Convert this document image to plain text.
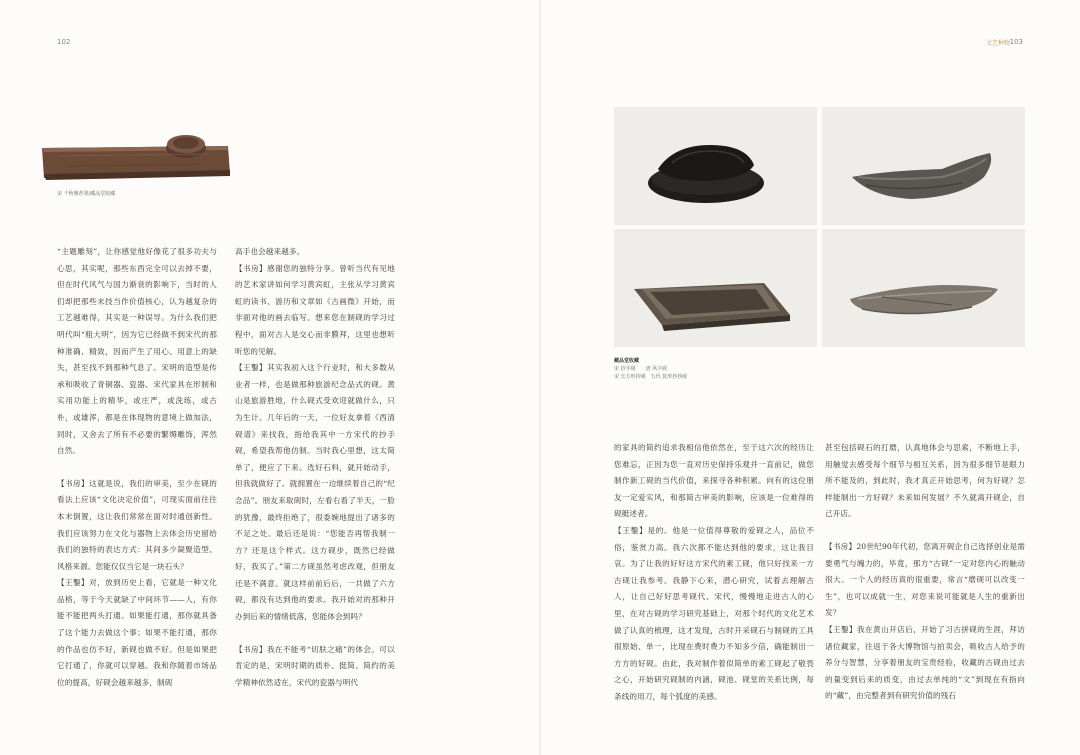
102	文艺种物 103
宋 千秋雅荐墨/藏品堂收藏
藏品堂收藏
宋 抄手砚　　唐 风字砚
宋 长方形抄砚　五代 箕形抄抄砚

“主题雕刻”，让你感觉他好像花了很多功夫与心思，其实呢，那些东西完全可以去掉不要，但在时代风气与国力渐衰的影响下，当时的人们却把那些末技当作价值核心，认为越复杂的工艺越难得，其实是一种误导。为什么我们把明代叫“粗大明”，因为它已经做不到宋代的那种准确、精致，因而产生了用心、用意上的缺失，甚至找不到那种气息了。宋明的造型是传承和吸收了青铜器、瓷器、宋代家具在形制和实用功能上的精华，或庄严，或洗练，或古朴，或雄浑，都是在体现物的意境上做加法，同时，又舍去了所有不必要的繁缛雕饰，浑然自然。

【书房】这就是说，我们的审美，至少在砚的看法上应该“文化决定价值”，可现实面前往往本末倒置，这让我们常常在面对时通创新性。我们应该努力在文化与器物上去体会历史留给我们的独特的表达方式：其间多少凝聚造型、风格来源。您能仅仅当它是一块石头？

【王鑿】对，放到历史上看，它就是一种文化品格，等于今天就缺了中间环节——人，有你能不能把两头打通。如果能打通，那你就具备了这个能力去做这个事；如果不能打通，那你的作品也仿不好，新砚也做不好。但是如果把它打通了，你就可以穿越。我和你随着市场品位的提高，好砚会越来越多，制砚

高手也会越来越多。

【书房】感谢您的独特分享。曾听当代有见地的艺术家讲如何学习黄宾虹，主张从学习黄宾虹的读书、游历和文章如《古画微》开始，而非面对他的画去临写。想来您在制砚的学习过程中，面对古人是交心而非膜拜，这里也想听听您的见解。

【王鑿】其实我初入这个行业时，和大多数从业者一样，也是做那种旅游纪念品式的砚。黄山是旅游胜地，什么砚式受欢迎就做什么，只为生计。几年后的一天，一位好友拿着《西清砚谱》来找我，指给我其中一方宋代的抄手砚，希望我帮他仿制。当时我心里想，这太简单了，便应了下来。选好石料，就开始动手，但我就做好了。就拥置在一边继续着自己的“纪念品”。朋友来取砚时，左看右看了半天，一脸的犹豫，最终拒绝了，很委婉地提出了诸多的不足之处。最后还是说：“您能否再帮我制一方？还是这个样式。这方砚步，既然已经做好，我买了。”第二方砚虽然考虑改观，但朋友还是不满意。就这样前前后后，一共做了六方砚，都没有达到他的要求。我开始对的那种开办到后来的情绪低落，您能体会到吗？

【书房】我在不能考“切肤之痛”的体会。可以肯定的是，宋明时期的质朴、挺简、简约的美学精神依然适在，宋代的瓷器与明代

的家具的简约追求我相信他依然在，至于这六次的经历让您难忘，正因为您一直对历史保持乐观并一直前记，做您制作新工砚的当代价值，来探寻各种积累。向有的这位朋友一定爱实风，和那简古审美的影响，应该是一位难得的砚艇述者。

【王鑿】是的。他是一位值得尊敬的爱砚之人，品位不俗，鉴赏力高。我六次都不能达到他的要求，这让我目哀。为了让我的好好这方宋代的素工砚，他只好找来一方古砚让我参考。我静下心来，潜心研究，试着去理解古人，让自己好好思考砚代、宋代，慢慢地走进古人的心里，在对古砚的学习研究基础上，对那个时代的文化艺术做了认真的梳理，这才发现，古时开采砚石与制砚的工具很原始、单一，比现在费时费力不知多少倍，确能制出一方方的好砚。由此，我对制作着似简单的素工砚起了敬畏之心，开始研究砚制的内涵，砚池、砚堂的关系比例，每条线的用刀，每个弧度的美感。

甚至包括砚石的打磨，认真地体会与思索，不断地上手，用触觉去感受每个细节与相互关系，因为很多细节是眼力所不能及的，到此时，我才真正开始思考，何为好砚？怎样能制出一方好砚？未来如何发展？不久就离开砚企，自己开店。

【书房】20世纪90年代初，您离开砚企自己选择创业是需要勇气与魄力的，毕竟，那方“古砚”一定对您内心的触动很大。一个人的经历真的很重要，常言“磨砚可以改变一生”，也可以成就一生，对您来说可能就是人生的重新出发？

【王鑿】我在黄山开店后，开始了习古拼砚的生涯，拜访诸位藏家，往返于各大博物馆与拍卖会，吸收古人给予的养分与智慧，分享着朋友的宝贵经验，收藏的古砚由过去的量变到后来的质变，由过去单纯的“文”到现在有指向的“藏”，由完整者到有研究价值的残石
